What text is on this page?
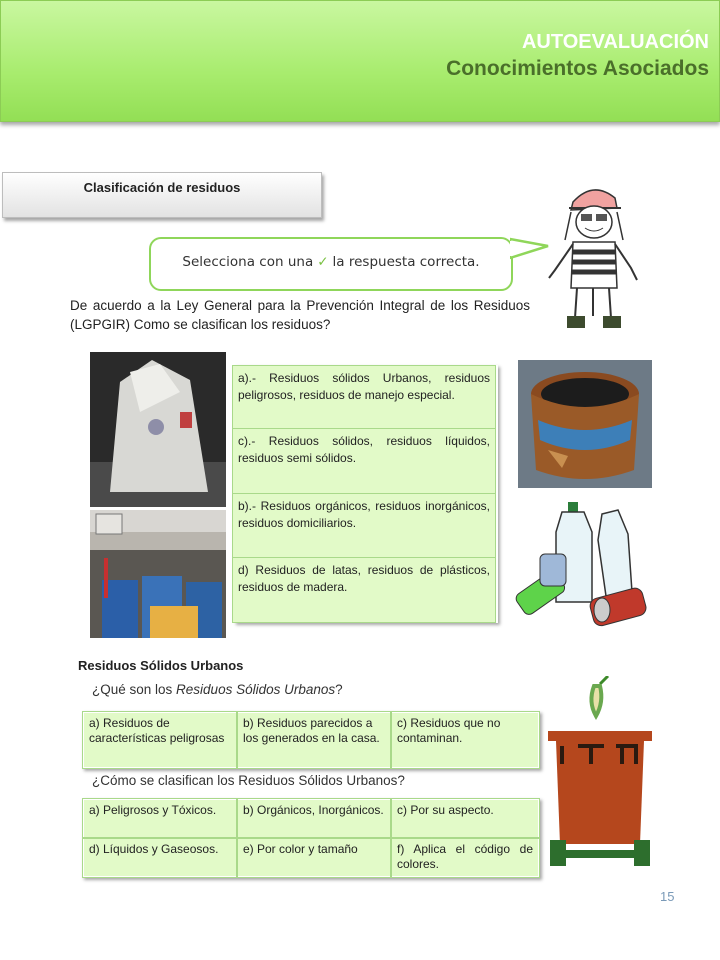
AUTOEVALUACIÓN
Conocimientos Asociados
Clasificación de residuos
Selecciona con una ✓ la respuesta correcta.
De acuerdo a la Ley General para la Prevención Integral de los Residuos (LGPGIR) Como se clasifican los residuos?
a).- Residuos sólidos Urbanos, residuos peligrosos, residuos de manejo especial.
c).- Residuos sólidos, residuos líquidos, residuos semi sólidos.
b).- Residuos orgánicos, residuos inorgánicos, residuos domiciliarios.
d) Residuos de latas, residuos de plásticos, residuos de madera.
Residuos Sólidos Urbanos
¿Qué son los Residuos Sólidos Urbanos?
a) Residuos de características peligrosas	b) Residuos parecidos a los generados en la casa.	c) Residuos que no contaminan.
¿Cómo se clasifican los Residuos Sólidos Urbanos?
a) Peligrosos y Tóxicos.	b) Orgánicos, Inorgánicos.	c) Por su aspecto.
d) Líquidos y Gaseosos.	e) Por color y tamaño	f) Aplica el código de colores.
15
